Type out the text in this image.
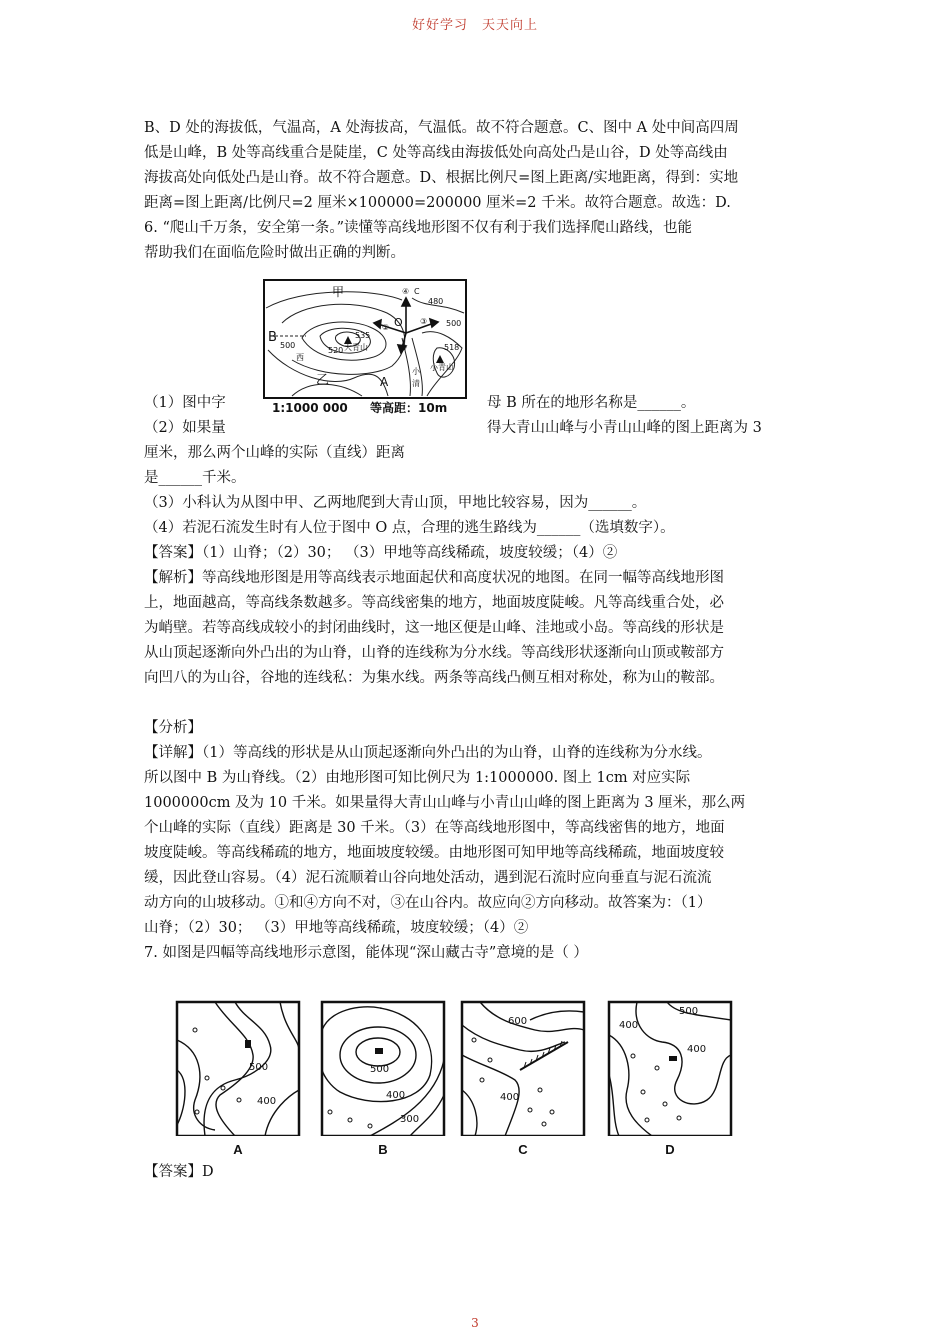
好好学习 天天向上
B、D 处的海拔低，气温高，A 处海拔高，气温低。故不符合题意。C、图中 A 处中间高四周
低是山峰，B 处等高线重合是陡崖，C 处等高线由海拔低处向高处凸是山谷，D 处等高线由
海拔高处向低处凸是山脊。故不符合题意。D、根据比例尺=图上距离/实地距离，得到：实地
距离=图上距离/比例尺=2 厘米×100000=200000 厘米=2 千米。故符合题意。故选：D.
6. “爬山千万条，安全第一条。”读懂等高线地形图不仅有利于我们选择爬山路线，也能
帮助我们在面临危险时做出正确的判断。
甲
乙
B
A
O
④ C
②
③
①
535
520
500
480
500
518
大青山
小青山
西
小
清
1:1000 000 等高距：10m
（1）图中字	母 B 所在的地形名称是______。
（2）如果量	得大青山山峰与小青山山峰的图上距离为 3
厘米，那么两个山峰的实际（直线）距离
是______千米。
（3）小科认为从图中甲、乙两地爬到大青山顶，甲地比较容易，因为______。
（4）若泥石流发生时有人位于图中 O 点，合理的逃生路线为______（选填数字）。
【答案】（1）山脊；（2）30； （3）甲地等高线稀疏，坡度较缓；（4）②
【解析】等高线地形图是用等高线表示地面起伏和高度状况的地图。在同一幅等高线地形图
上，地面越高，等高线条数越多。等高线密集的地方，地面坡度陡峻。凡等高线重合处，必
为峭壁。若等高线成较小的封闭曲线时，这一地区便是山峰、洼地或小岛。等高线的形状是
从山顶起逐渐向外凸出的为山脊，山脊的连线称为分水线。等高线形状逐渐向山顶或鞍部方
向凹八的为山谷，谷地的连线私：为集水线。两条等高线凸侧互相对称处，称为山的鞍部。
【分析】
【详解】（1）等高线的形状是从山顶起逐渐向外凸出的为山脊，山脊的连线称为分水线。
所以图中 B 为山脊线。（2）由地形图可知比例尺为 1:1000000. 图上 1cm 对应实际
1000000cm 及为 10 千米。如果量得大青山山峰与小青山山峰的图上距离为 3 厘米，那么两
个山峰的实际（直线）距离是 30 千米。（3）在等高线地形图中，等高线密售的地方，地面
坡度陡峻。等高线稀疏的地方，地面坡度较缓。由地形图可知甲地等高线稀疏，地面坡度较
缓，因此登山容易。（4）泥石流顺着山谷向地处活动，遇到泥石流时应向垂直与泥石流流
动方向的山坡移动。①和④方向不对，③在山谷内。故应向②方向移动。故答案为：（1）
山脊；（2）30； （3）甲地等高线稀疏，坡度较缓；（4）②
7. 如图是四幅等高线地形示意图，能体现“深山藏古寺”意境的是（ ）
500
400
A
500
400
300
B
600
400
C
500
400
400
D
【答案】D
3
